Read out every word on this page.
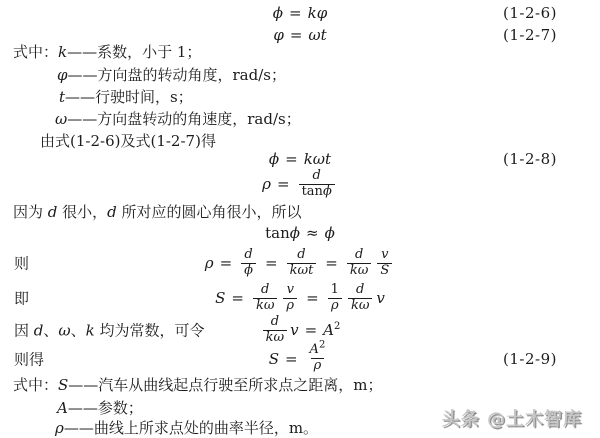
ϕ = kφ	(1-2-6)
φ = ωt	(1-2-7)
式中：k——系数，小于 1；
φ——方向盘的转动角度，rad/s；
t——行驶时间，s；
ω——方向盘转动的角速度，rad/s；
由式(1-2-6)及式(1-2-7)得
ϕ = kωt	(1-2-8)
$\rho = \frac{d}{\tan\phi}$
因为 d 很小，d 所对应的圆心角很小，所以
tan ϕ ≈ ϕ
则	$\rho = \frac{d}{\phi} = \frac{d}{\text{kωt}} = \frac{d}{k\omega} \frac{v}{S}$
即	$S = \frac{d}{k\omega} \frac{v}{\rho} = \frac{1}{\rho} \frac{d}{k\omega}$ v
因 d、ω、k 均为常数，可令	$\frac{d}{k\omega}$ $v = A^2$
则得	$S = \frac{A^2}{\rho}$	(1-2-9)
式中：S——汽车从曲线起点行驶至所求点之距离，m；
A——参数；
ρ——曲线上所求点处的曲率半径，m。	头条 @土木智库
